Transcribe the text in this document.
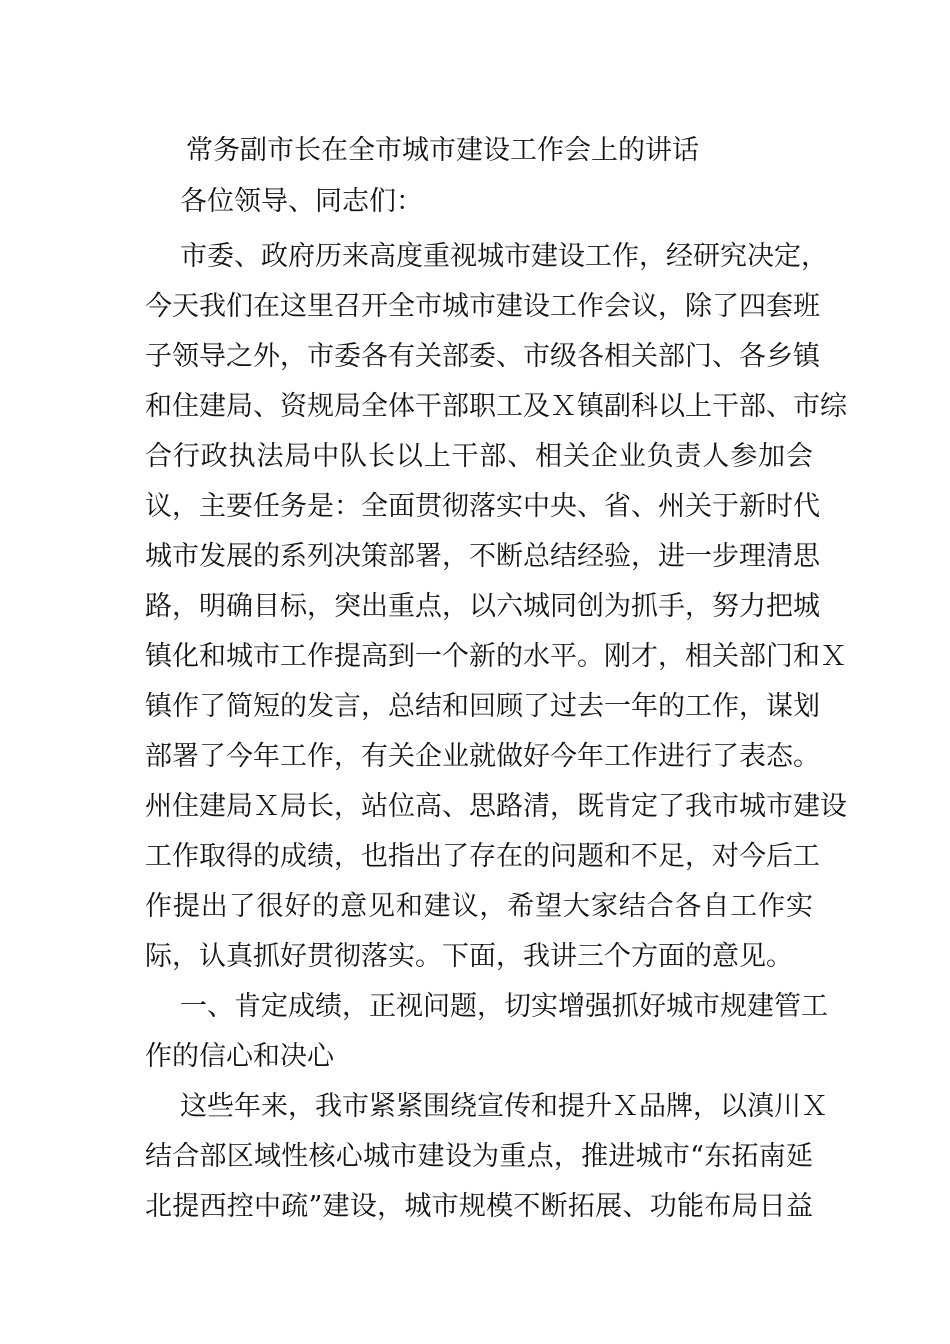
常务副市长在全市城市建设工作会上的讲话
各位领导、同志们：
市委、政府历来高度重视城市建设工作，经研究决定，
今天我们在这里召开全市城市建设工作会议，除了四套班
子领导之外，市委各有关部委、市级各相关部门、各乡镇
和住建局、资规局全体干部职工及Ｘ镇副科以上干部、市综
合行政执法局中队长以上干部、相关企业负责人参加会
议，主要任务是：全面贯彻落实中央、省、州关于新时代
城市发展的系列决策部署，不断总结经验，进一步理清思
路，明确目标，突出重点，以六城同创为抓手，努力把城
镇化和城市工作提高到一个新的水平。刚才，相关部门和Ｘ
镇作了简短的发言，总结和回顾了过去一年的工作，谋划
部署了今年工作，有关企业就做好今年工作进行了表态。
州住建局Ｘ局长，站位高、思路清，既肯定了我市城市建设
工作取得的成绩，也指出了存在的问题和不足，对今后工
作提出了很好的意见和建议，希望大家结合各自工作实
际，认真抓好贯彻落实。下面，我讲三个方面的意见。
一、肯定成绩，正视问题，切实增强抓好城市规建管工
作的信心和决心
这些年来，我市紧紧围绕宣传和提升Ｘ品牌，以滇川Ｘ
结合部区域性核心城市建设为重点，推进城市“东拓南延
北提西控中疏”建设，城市规模不断拓展、功能布局日益
